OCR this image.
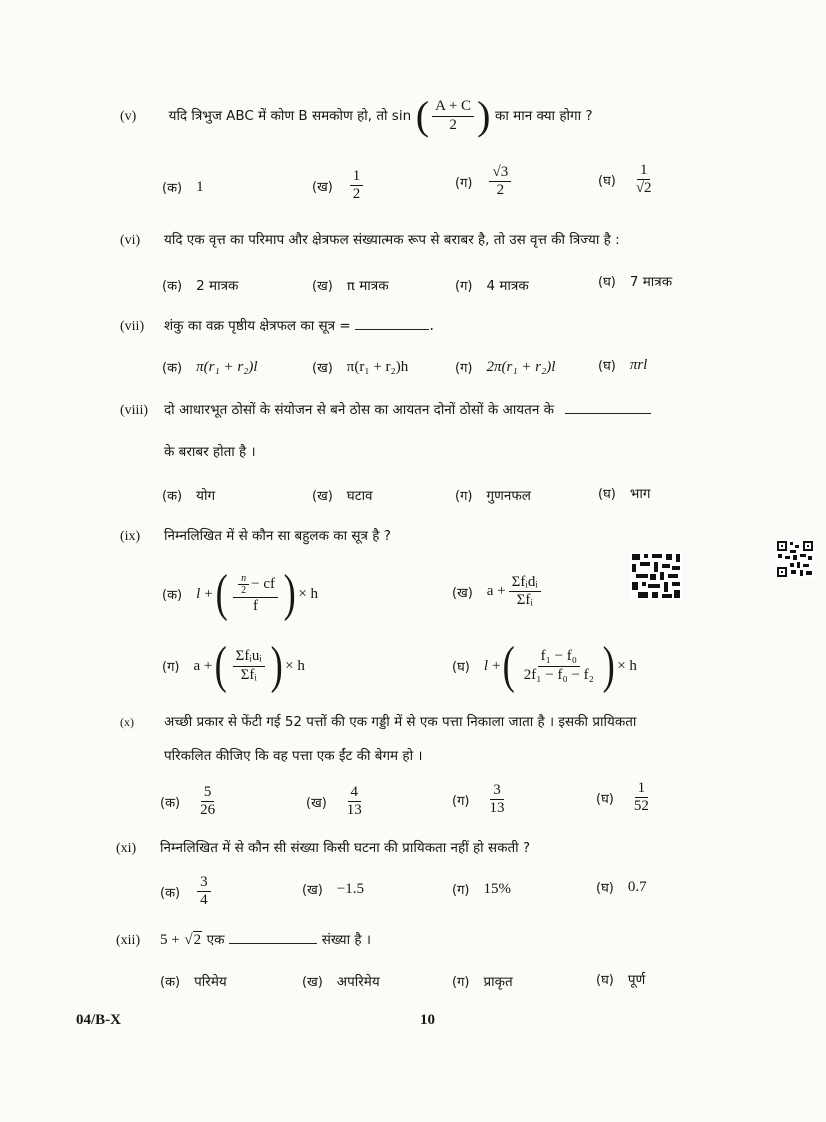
(v) यदि त्रिभुज ABC में कोण B समकोण हो, तो sin ( $\frac{A + C}{2}$ ) का मान क्या होगा ?
(क) 1	(ख) $\frac{1}{2}$	(ग) $\frac{√3}{2}$	(घ) $\frac{1}{√2}$
(vi) यदि एक वृत्त का परिमाप और क्षेत्रफल संख्यात्मक रूप से बराबर है, तो उस वृत्त की त्रिज्या है :
(क) 2 मात्रक	(ख) π मात्रक	(ग) 4 मात्रक	(घ) 7 मात्रक
(vii) शंकु का वक्र पृष्ठीय क्षेत्रफल का सूत्र =	.
(क) π(r₁ + r₂)l	(ख) π(r₁ + r₂)h	(ग) 2π(r₁ + r₂)l	(घ) πrl
(viii) दो आधारभूत ठोसों के संयोजन से बने ठोस का आयतन दोनों ठोसों के आयतन के
के बराबर होता है ।
(क) योग	(ख) घटाव	(ग) गुणनफल	(घ) भाग
(ix) निम्नलिखित में से कौन सा बहुलक का सूत्र है ?
(क) l + ( $\frac{\frac{n}{2} - cf}{f}$ ) × h	(ख) $a + \frac{\text{Σfᵢdᵢ}}{\text{Σfᵢ}}$
(ग) a + ( $\frac{\text{Σfᵢuᵢ}}{\text{Σfᵢ}}$ ) × h	(घ) l + ( $\frac{\text{f₁ − f₀}}{\text{2f₁ − f₀ − f₂}}$ ) × h
(x) अच्छी प्रकार से फेंटी गई 52 पत्तों की एक गड्डी में से एक पत्ता निकाला जाता है । इसकी प्रायिकता
परिकलित कीजिए कि वह पत्ता एक ईंट की बेगम हो ।
(क) $\frac{5}{26}$	(ख) $\frac{4}{13}$	(ग) $\frac{3}{13}$	(घ) $\frac{1}{52}$
(xi) निम्नलिखित में से कौन सी संख्या किसी घटना की प्रायिकता नहीं हो सकती ?
(क) $\frac{3}{4}$	(ख) −1.5	(ग) 15%	(घ) 0.7
(xii) 5 + √2 एक	संख्या है ।
(क) परिमेय	(ख) अपरिमेय	(ग) प्राकृत	(घ) पूर्ण
04/B-X	10
